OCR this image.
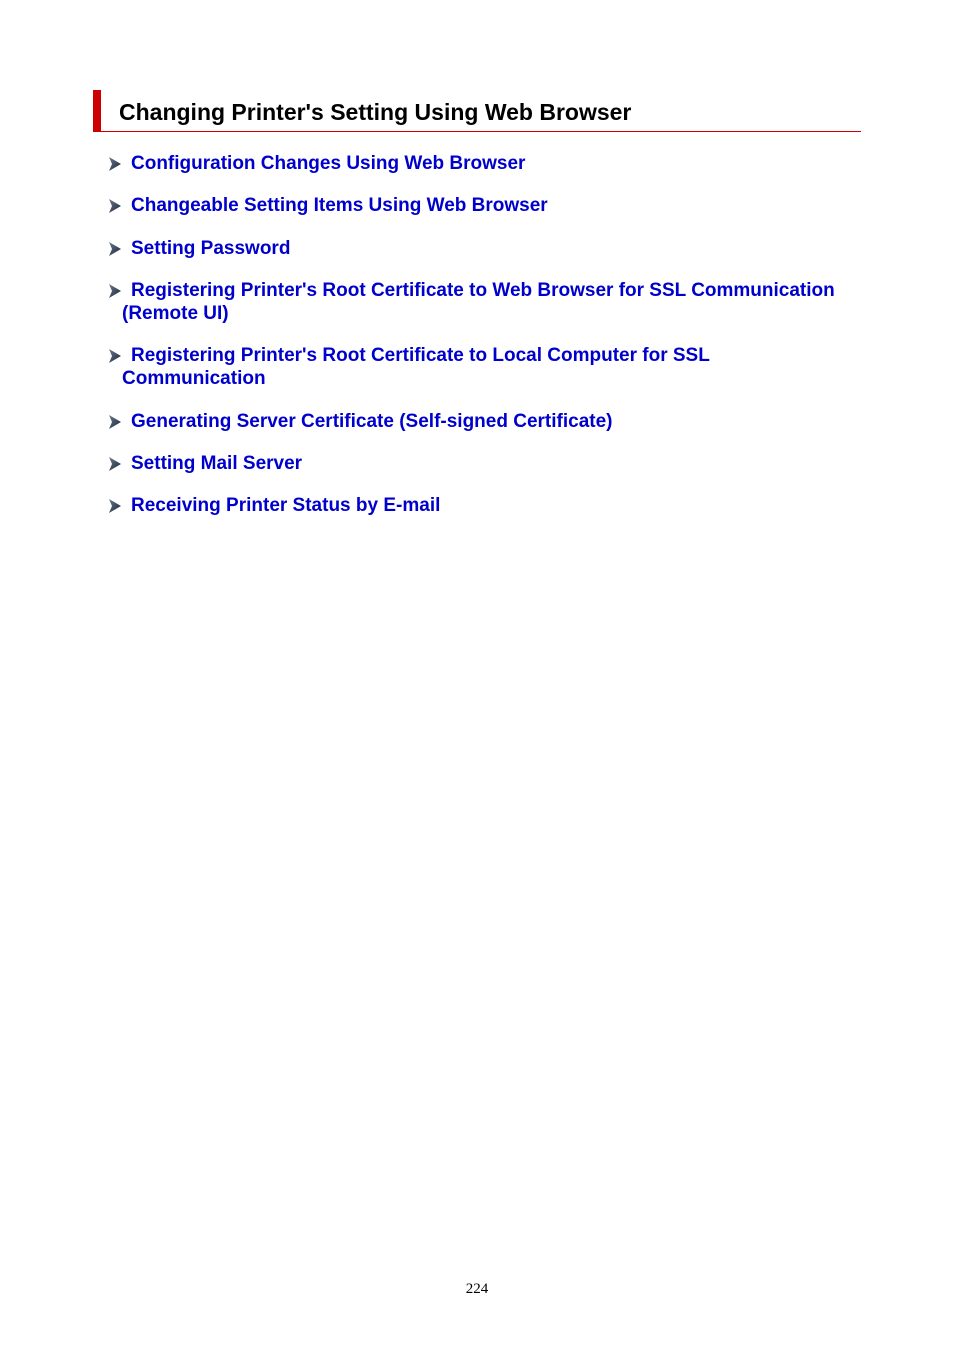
Changing Printer's Setting Using Web Browser
Configuration Changes Using Web Browser
Changeable Setting Items Using Web Browser
Setting Password
Registering Printer's Root Certificate to Web Browser for SSL Communication (Remote UI)
Registering Printer's Root Certificate to Local Computer for SSL Communication
Generating Server Certificate (Self-signed Certificate)
Setting Mail Server
Receiving Printer Status by E-mail
224
